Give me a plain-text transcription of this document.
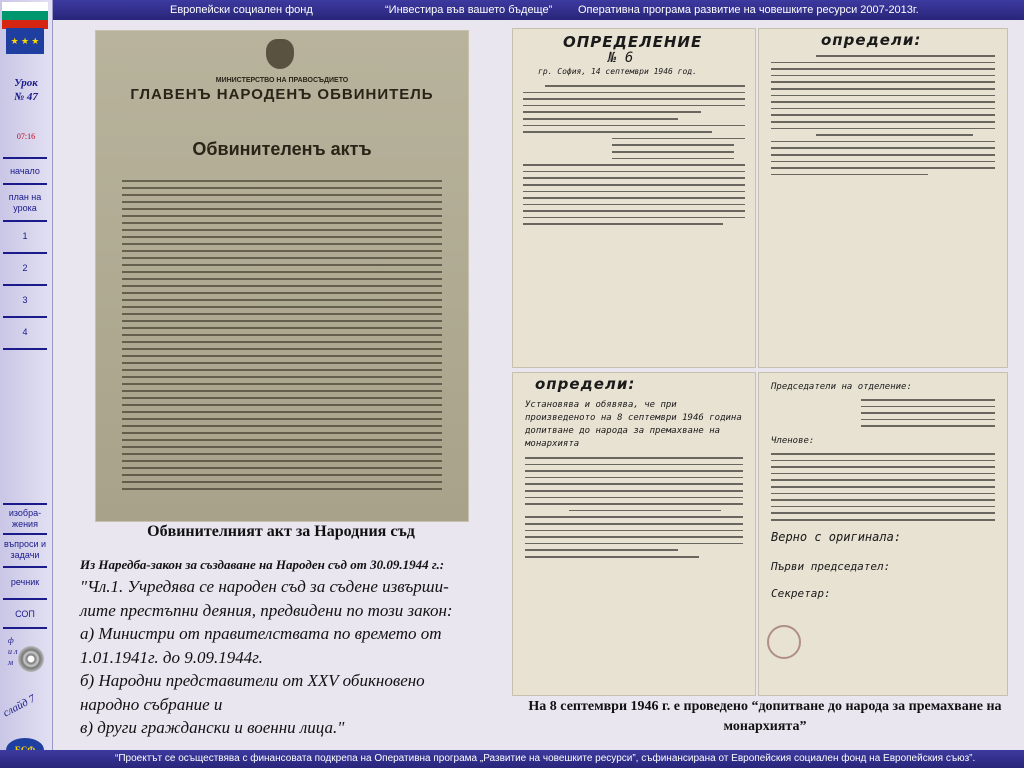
Европейски социален фонд	“Инвестира във вашето бъдеще” Оперативна програма развитие на човешките ресурси 2007-2013г.
★ ★ ★
Урок
№ 47
07:16
начало
план на урока
1
2
3
4
изобра-жения
въпроси и задачи
речник
СОП
ф и л м
слайд 7
МИНИСТЕРСТВО НА ПРАВОСЪДИЕТО
ГЛАВЕНЪ НАРОДЕНЪ ОБВИНИТЕЛЬ
Обвинителенъ актъ
Обвинителният акт за Народния съд
ОПРЕДЕЛЕНИЕ
№ 6
гр. София, 14 септември 1946 год.
определи:
определи:
Установява и обявява, че при произведеното на 8 септември 1946 година допитване до народа за премахване на монархията
Председатели на отделение:
Членове:
Верно с оригинала:
Първи председател:
Секретар:
Из Наредба-закон за създаване на Народен съд от 30.09.1944 г.:
"Чл.1. Учредява се народен съд за съдене извърши-
лите престъпни деяния, предвидени по този закон:
а) Министри от правителствата по времето от
1.01.1941г. до 9.09.1944г.
б) Народни представители от XXV обикновено
народно събрание и
в) други граждански и военни лица."
На 8 септември 1946 г. е проведено “допитване до народа за премахване на монархията”
“Проектът се осъществява с финансовата подкрепа на Оперативна програма „Развитие на човешките ресурси”, съфинансирана от Европейския социален фонд на Европейския съюз”.
